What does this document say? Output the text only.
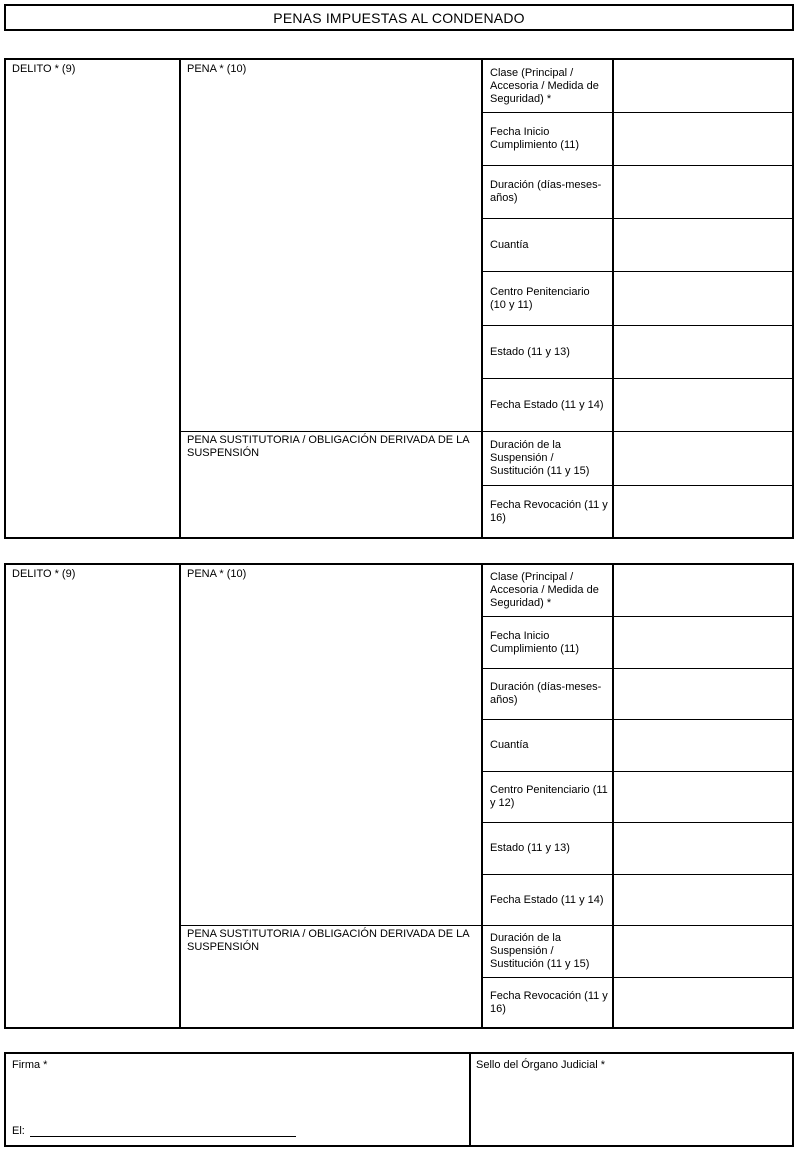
PENAS IMPUESTAS AL CONDENADO
DELITO * (9)	PENA * (10)
PENA SUSTITUTORIA / OBLIGACIÓN DERIVADA DE LA SUSPENSIÓN
Clase (Principal / Accesoria / Medida de Seguridad) *
Fecha Inicio Cumplimiento (11)
Duración (días-meses-años)
Cuantía
Centro Penitenciario (10 y 11)
Estado (11 y 13)
Fecha Estado (11 y 14)
Duración de la Suspensión / Sustitución (11 y 15)
Fecha Revocación (11 y 16)
DELITO * (9)	PENA * (10)
PENA SUSTITUTORIA / OBLIGACIÓN DERIVADA DE LA SUSPENSIÓN
Clase (Principal / Accesoria / Medida de Seguridad) *
Fecha Inicio Cumplimiento (11)
Duración (días-meses-años)
Cuantía
Centro Penitenciario (11 y 12)
Estado (11 y 13)
Fecha Estado (11 y 14)
Duración de la Suspensión / Sustitución (11 y 15)
Fecha Revocación (11 y 16)
Firma *
El:
Sello del Órgano Judicial *
